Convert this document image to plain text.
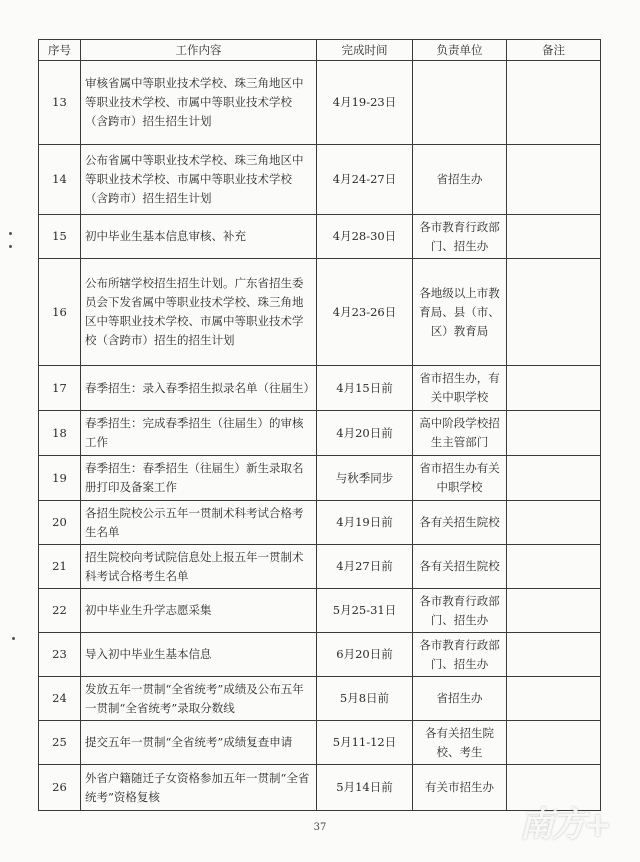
序号	工作内容	完成时间	负责单位	备注
13	审核省属中等职业技术学校、珠三角地区中等职业技术学校、市属中等职业技术学校（含跨市）招生招生计划	4月19-23日		
14	公布省属中等职业技术学校、珠三角地区中等职业技术学校、市属中等职业技术学校（含跨市）招生招生计划	4月24-27日	省招生办	
15	初中毕业生基本信息审核、补充	4月28-30日	各市教育行政部门、招生办	
16	公布所辖学校招生招生计划。广东省招生委员会下发省属中等职业技术学校、珠三角地区中等职业技术学校、市属中等职业技术学校（含跨市）招生的招生计划	4月23-26日	各地级以上市教育局、县（市、区）教育局	
17	春季招生：录入春季招生拟录名单（往届生）	4月15日前	省市招生办，有关中职学校	
18	春季招生：完成春季招生（往届生）的审核工作	4月20日前	高中阶段学校招生主管部门	
19	春季招生：春季招生（往届生）新生录取名册打印及备案工作	与秋季同步	省市招生办有关中职学校	
20	各招生院校公示五年一贯制术科考试合格考生名单	4月19日前	各有关招生院校	
21	招生院校向考试院信息处上报五年一贯制术科考试合格考生名单	4月27日前	各有关招生院校	
22	初中毕业生升学志愿采集	5月25-31日	各市教育行政部门、招生办	
23	导入初中毕业生基本信息	6月20日前	各市教育行政部门、招生办	
24	发放五年一贯制“全省统考”成绩及公布五年一贯制“全省统考”录取分数线	5月8日前	省招生办	
25	提交五年一贯制“全省统考”成绩复查申请	5月11-12日	各有关招生院校、考生	
26	外省户籍随迁子女资格参加五年一贯制“全省统考”资格复核	5月14日前	有关市招生办	
37	南方+
